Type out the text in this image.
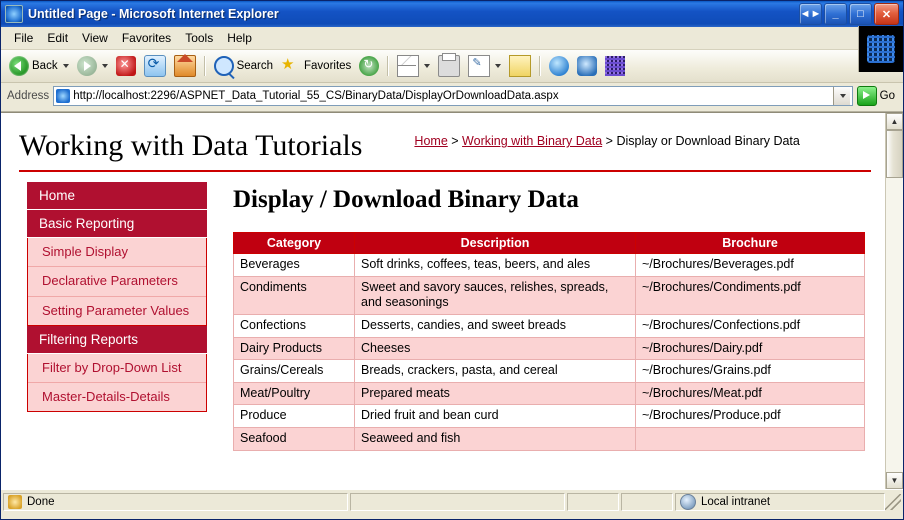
Untitled Page - Microsoft Internet Explorer	◄►	_	□	✕
File	Edit	View	Favorites	Tools	Help
Back ✕ ⟳	Search ★ Favorites
↻
✎
Address http://localhost:2296/ASPNET_Data_Tutorial_55_CS/BinaryData/DisplayOrDownloadData.aspx	Go
Working with Data Tutorials	Home > Working with Binary Data > Display or Download Binary Data
Home
Basic Reporting
Simple Display
Declarative Parameters
Setting Parameter Values
Filtering Reports
Filter by Drop-Down List
Master-Details-Details
Display / Download Binary Data
Category	Description	Brochure
Beverages	Soft drinks, coffees, teas, beers, and ales	~/Brochures/Beverages.pdf
Condiments	Sweet and savory sauces, relishes, spreads, and seasonings	~/Brochures/Condiments.pdf
Confections	Desserts, candies, and sweet breads	~/Brochures/Confections.pdf
Dairy Products	Cheeses	~/Brochures/Dairy.pdf
Grains/Cereals	Breads, crackers, pasta, and cereal	~/Brochures/Grains.pdf
Meat/Poultry	Prepared meats	~/Brochures/Meat.pdf
Produce	Dried fruit and bean curd	~/Brochures/Produce.pdf
Seafood	Seaweed and fish	
▲
▼
Done	Local intranet
